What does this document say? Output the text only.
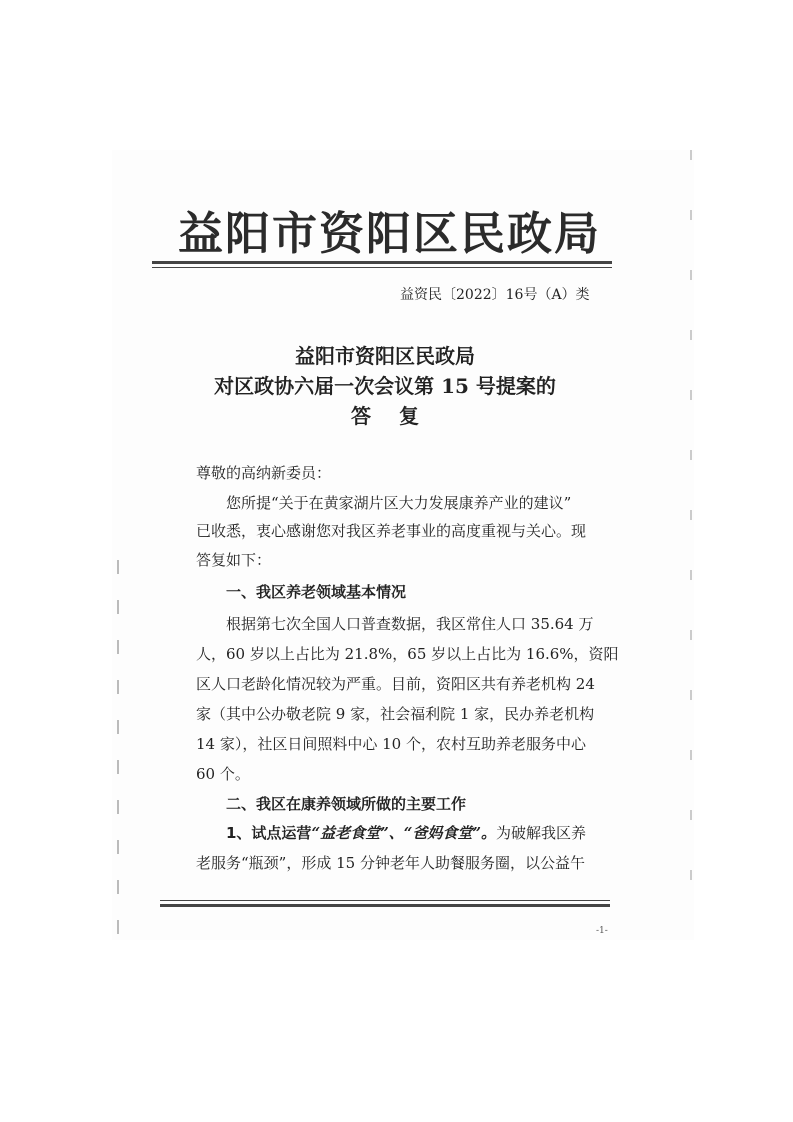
益阳市资阳区民政局
益资民〔2022〕16号（A）类
益阳市资阳区民政局
对区政协六届一次会议第 15 号提案的
答复
尊敬的高纳新委员：
您所提“关于在黄家湖片区大力发展康养产业的建议”
已收悉，衷心感谢您对我区养老事业的高度重视与关心。现
答复如下：
一、我区养老领域基本情况
根据第七次全国人口普查数据，我区常住人口 35.64 万
人，60 岁以上占比为 21.8%，65 岁以上占比为 16.6%，资阳
区人口老龄化情况较为严重。目前，资阳区共有养老机构 24
家（其中公办敬老院 9 家，社会福利院 1 家，民办养老机构
14 家），社区日间照料中心 10 个，农村互助养老服务中心
60 个。
二、我区在康养领域所做的主要工作
1、试点运营“益老食堂”、“爸妈食堂”。为破解我区养
老服务“瓶颈”，形成 15 分钟老年人助餐服务圈，以公益午
-1-
